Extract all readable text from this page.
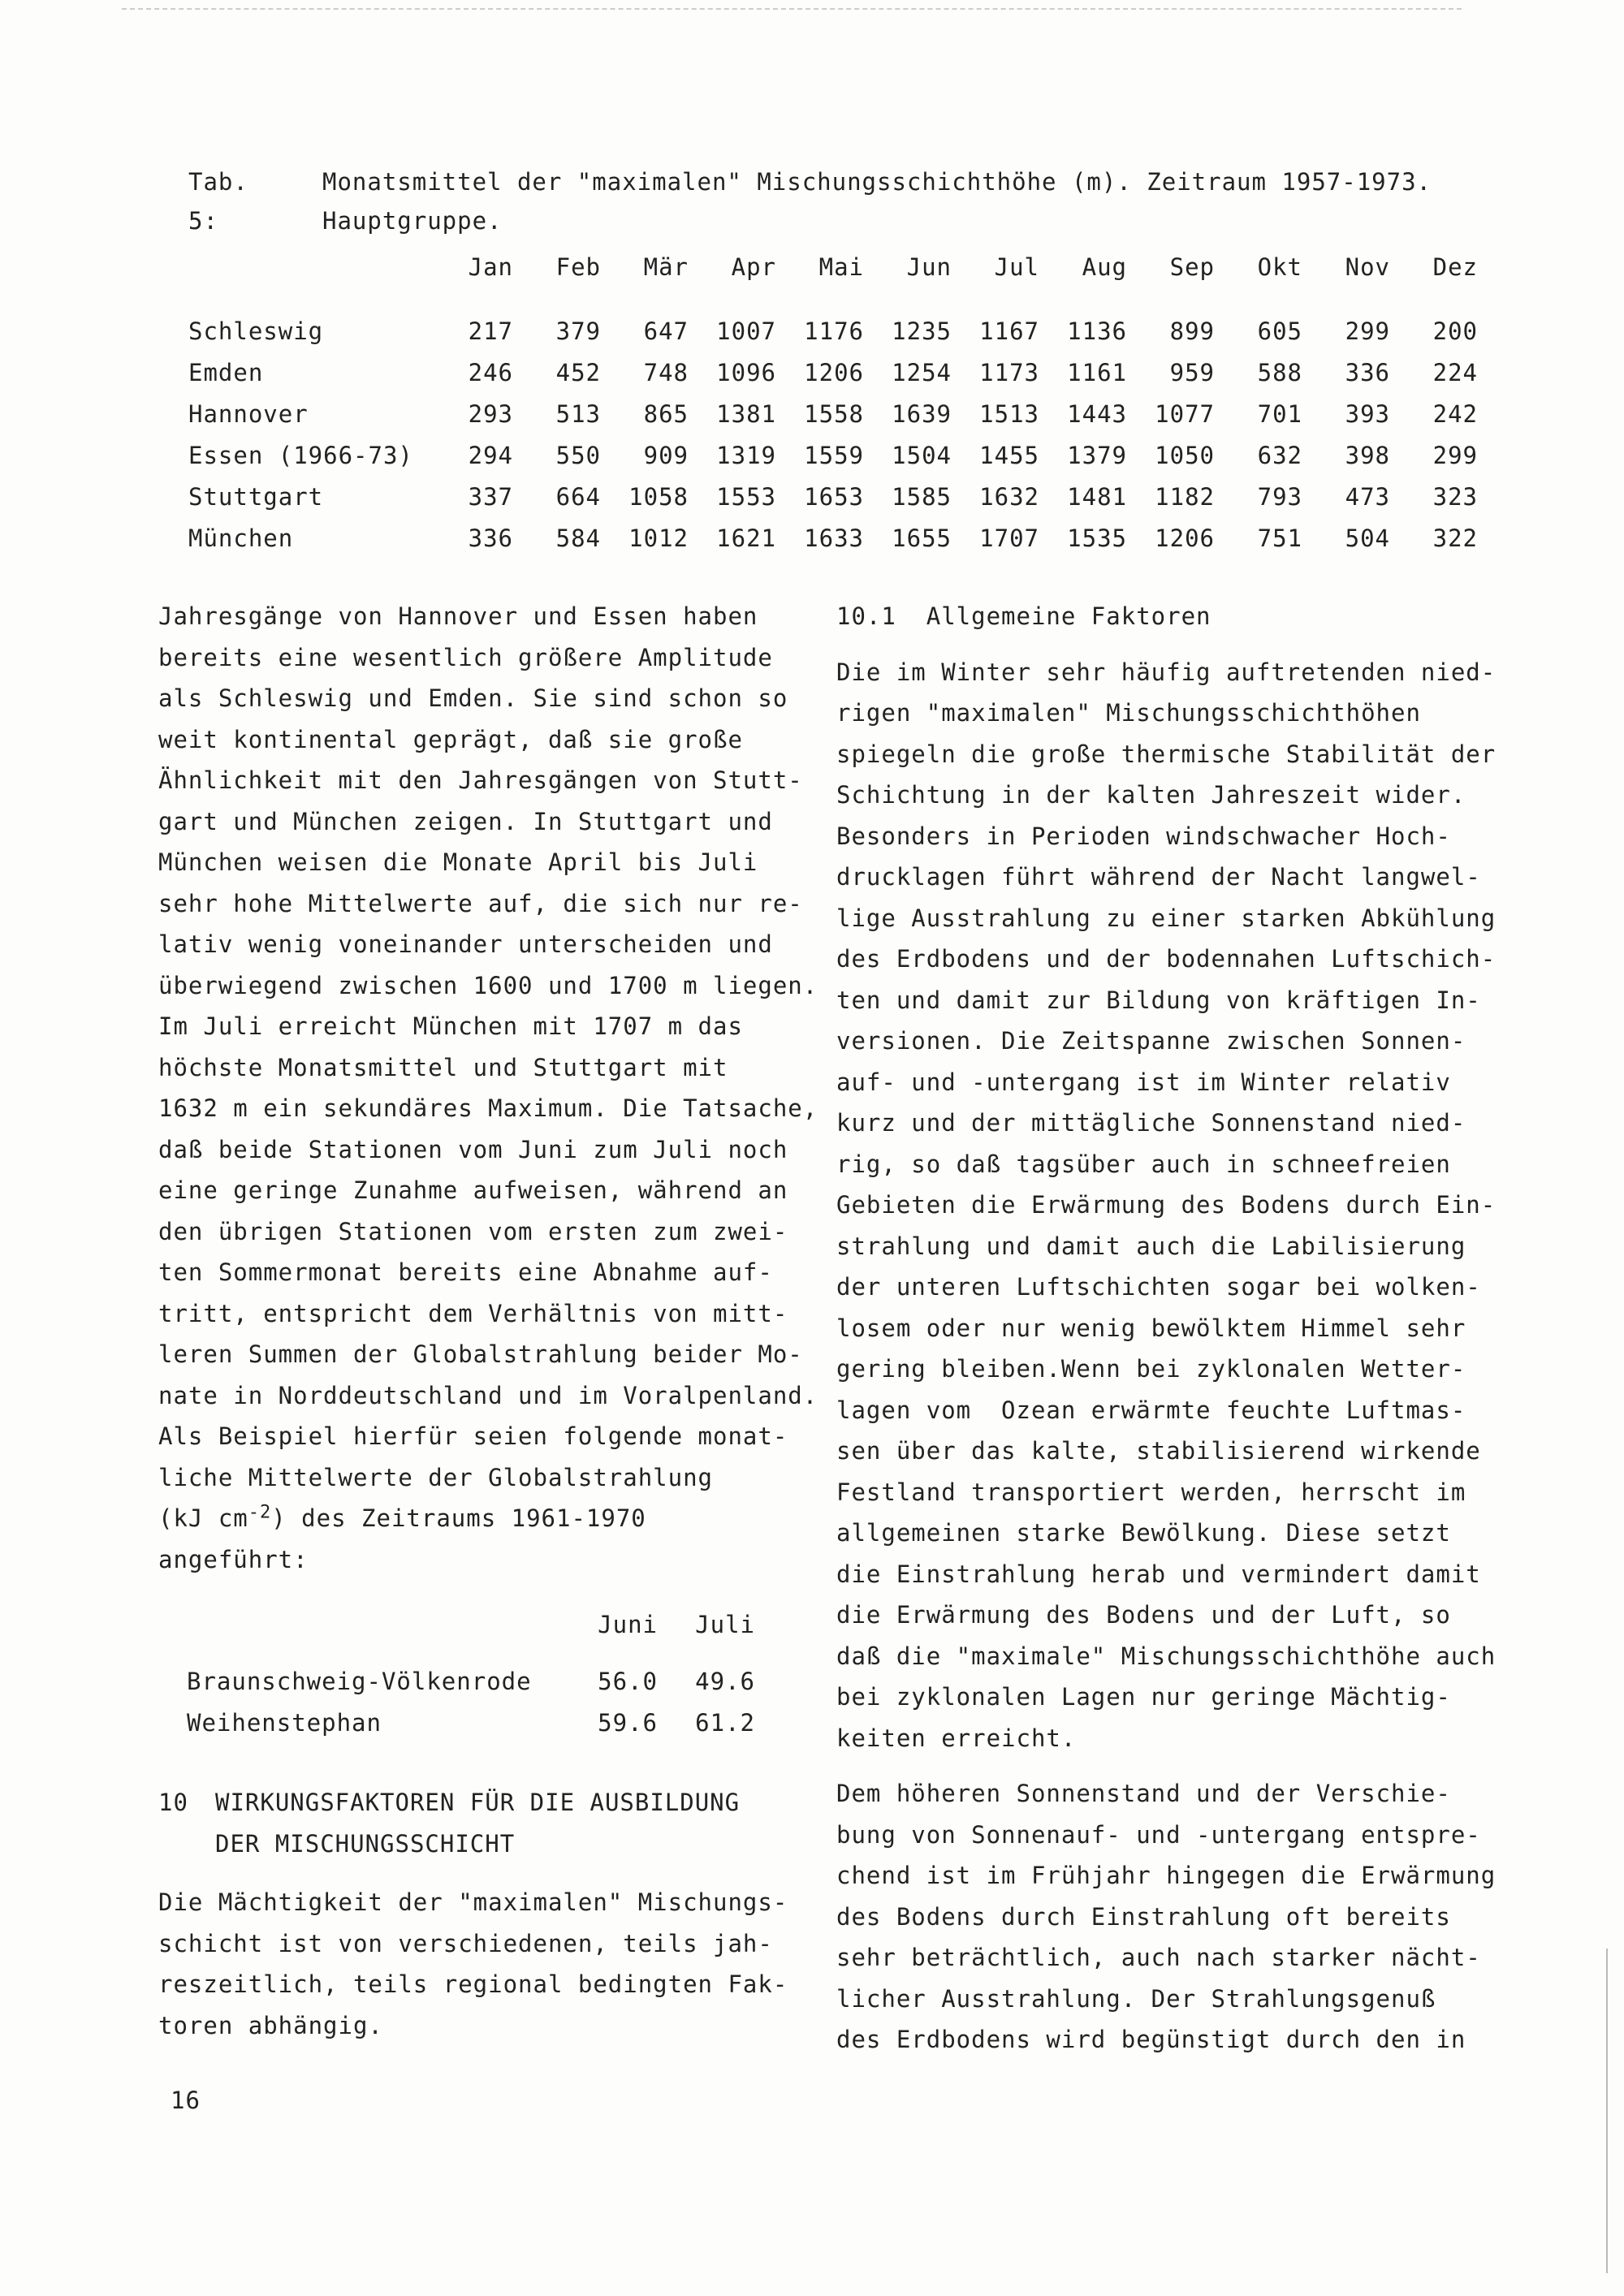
Tab. 5:
Monatsmittel der "maximalen" Mischungsschichthöhe (m). Zeitraum 1957-1973.
Hauptgruppe.
	Jan	Feb	Mär	Apr	Mai	Jun	Jul	Aug	Sep	Okt	Nov	Dez
Schleswig	217	379	647	1007	1176	1235	1167	1136	899	605	299	200
Emden	246	452	748	1096	1206	1254	1173	1161	959	588	336	224
Hannover	293	513	865	1381	1558	1639	1513	1443	1077	701	393	242
Essen (1966-73)	294	550	909	1319	1559	1504	1455	1379	1050	632	398	299
Stuttgart	337	664	1058	1553	1653	1585	1632	1481	1182	793	473	323
München	336	584	1012	1621	1633	1655	1707	1535	1206	751	504	322
Jahresgänge von Hannover und Essen haben
bereits eine wesentlich größere Amplitude
als Schleswig und Emden. Sie sind schon so
weit kontinental geprägt, daß sie große
Ähnlichkeit mit den Jahresgängen von Stutt-
gart und München zeigen. In Stuttgart und
München weisen die Monate April bis Juli
sehr hohe Mittelwerte auf, die sich nur re-
lativ wenig voneinander unterscheiden und
überwiegend zwischen 1600 und 1700 m liegen.
Im Juli erreicht München mit 1707 m das
höchste Monatsmittel und Stuttgart mit
1632 m ein sekundäres Maximum. Die Tatsache,
daß beide Stationen vom Juni zum Juli noch
eine geringe Zunahme aufweisen, während an
den übrigen Stationen vom ersten zum zwei-
ten Sommermonat bereits eine Abnahme auf-
tritt, entspricht dem Verhältnis von mitt-
leren Summen der Globalstrahlung beider Mo-
nate in Norddeutschland und im Voralpenland.
Als Beispiel hierfür seien folgende monat-
liche Mittelwerte der Globalstrahlung
(kJ $cm^{-2}$) des Zeitraums 1961-1970 angeführt:
	Juni	Juli
Braunschweig-Völkenrode	56.0	49.6
Weihenstephan	59.6	61.2
10 WIRKUNGSFAKTOREN FÜR DIE AUSBILDUNG
DER MISCHUNGSSCHICHT
Die Mächtigkeit der "maximalen" Mischungs-
schicht ist von verschiedenen, teils jah-
reszeitlich, teils regional bedingten Fak-
toren abhängig.
10.1  Allgemeine Faktoren
Die im Winter sehr häufig auftretenden nied-
rigen "maximalen" Mischungsschichthöhen
spiegeln die große thermische Stabilität der
Schichtung in der kalten Jahreszeit wider.
Besonders in Perioden windschwacher Hoch-
drucklagen führt während der Nacht langwel-
lige Ausstrahlung zu einer starken Abkühlung
des Erdbodens und der bodennahen Luftschich-
ten und damit zur Bildung von kräftigen In-
versionen. Die Zeitspanne zwischen Sonnen-
auf- und -untergang ist im Winter relativ
kurz und der mittägliche Sonnenstand nied-
rig, so daß tagsüber auch in schneefreien
Gebieten die Erwärmung des Bodens durch Ein-
strahlung und damit auch die Labilisierung
der unteren Luftschichten sogar bei wolken-
losem oder nur wenig bewölktem Himmel sehr
gering bleiben.Wenn bei zyklonalen Wetter-
lagen vom  Ozean erwärmte feuchte Luftmas-
sen über das kalte, stabilisierend wirkende
Festland transportiert werden, herrscht im
allgemeinen starke Bewölkung. Diese setzt
die Einstrahlung herab und vermindert damit
die Erwärmung des Bodens und der Luft, so
daß die "maximale" Mischungsschichthöhe auch
bei zyklonalen Lagen nur geringe Mächtig-
keiten erreicht.
Dem höheren Sonnenstand und der Verschie-
bung von Sonnenauf- und -untergang entspre-
chend ist im Frühjahr hingegen die Erwärmung
des Bodens durch Einstrahlung oft bereits
sehr beträchtlich, auch nach starker nächt-
licher Ausstrahlung. Der Strahlungsgenuß
des Erdbodens wird begünstigt durch den in
16
